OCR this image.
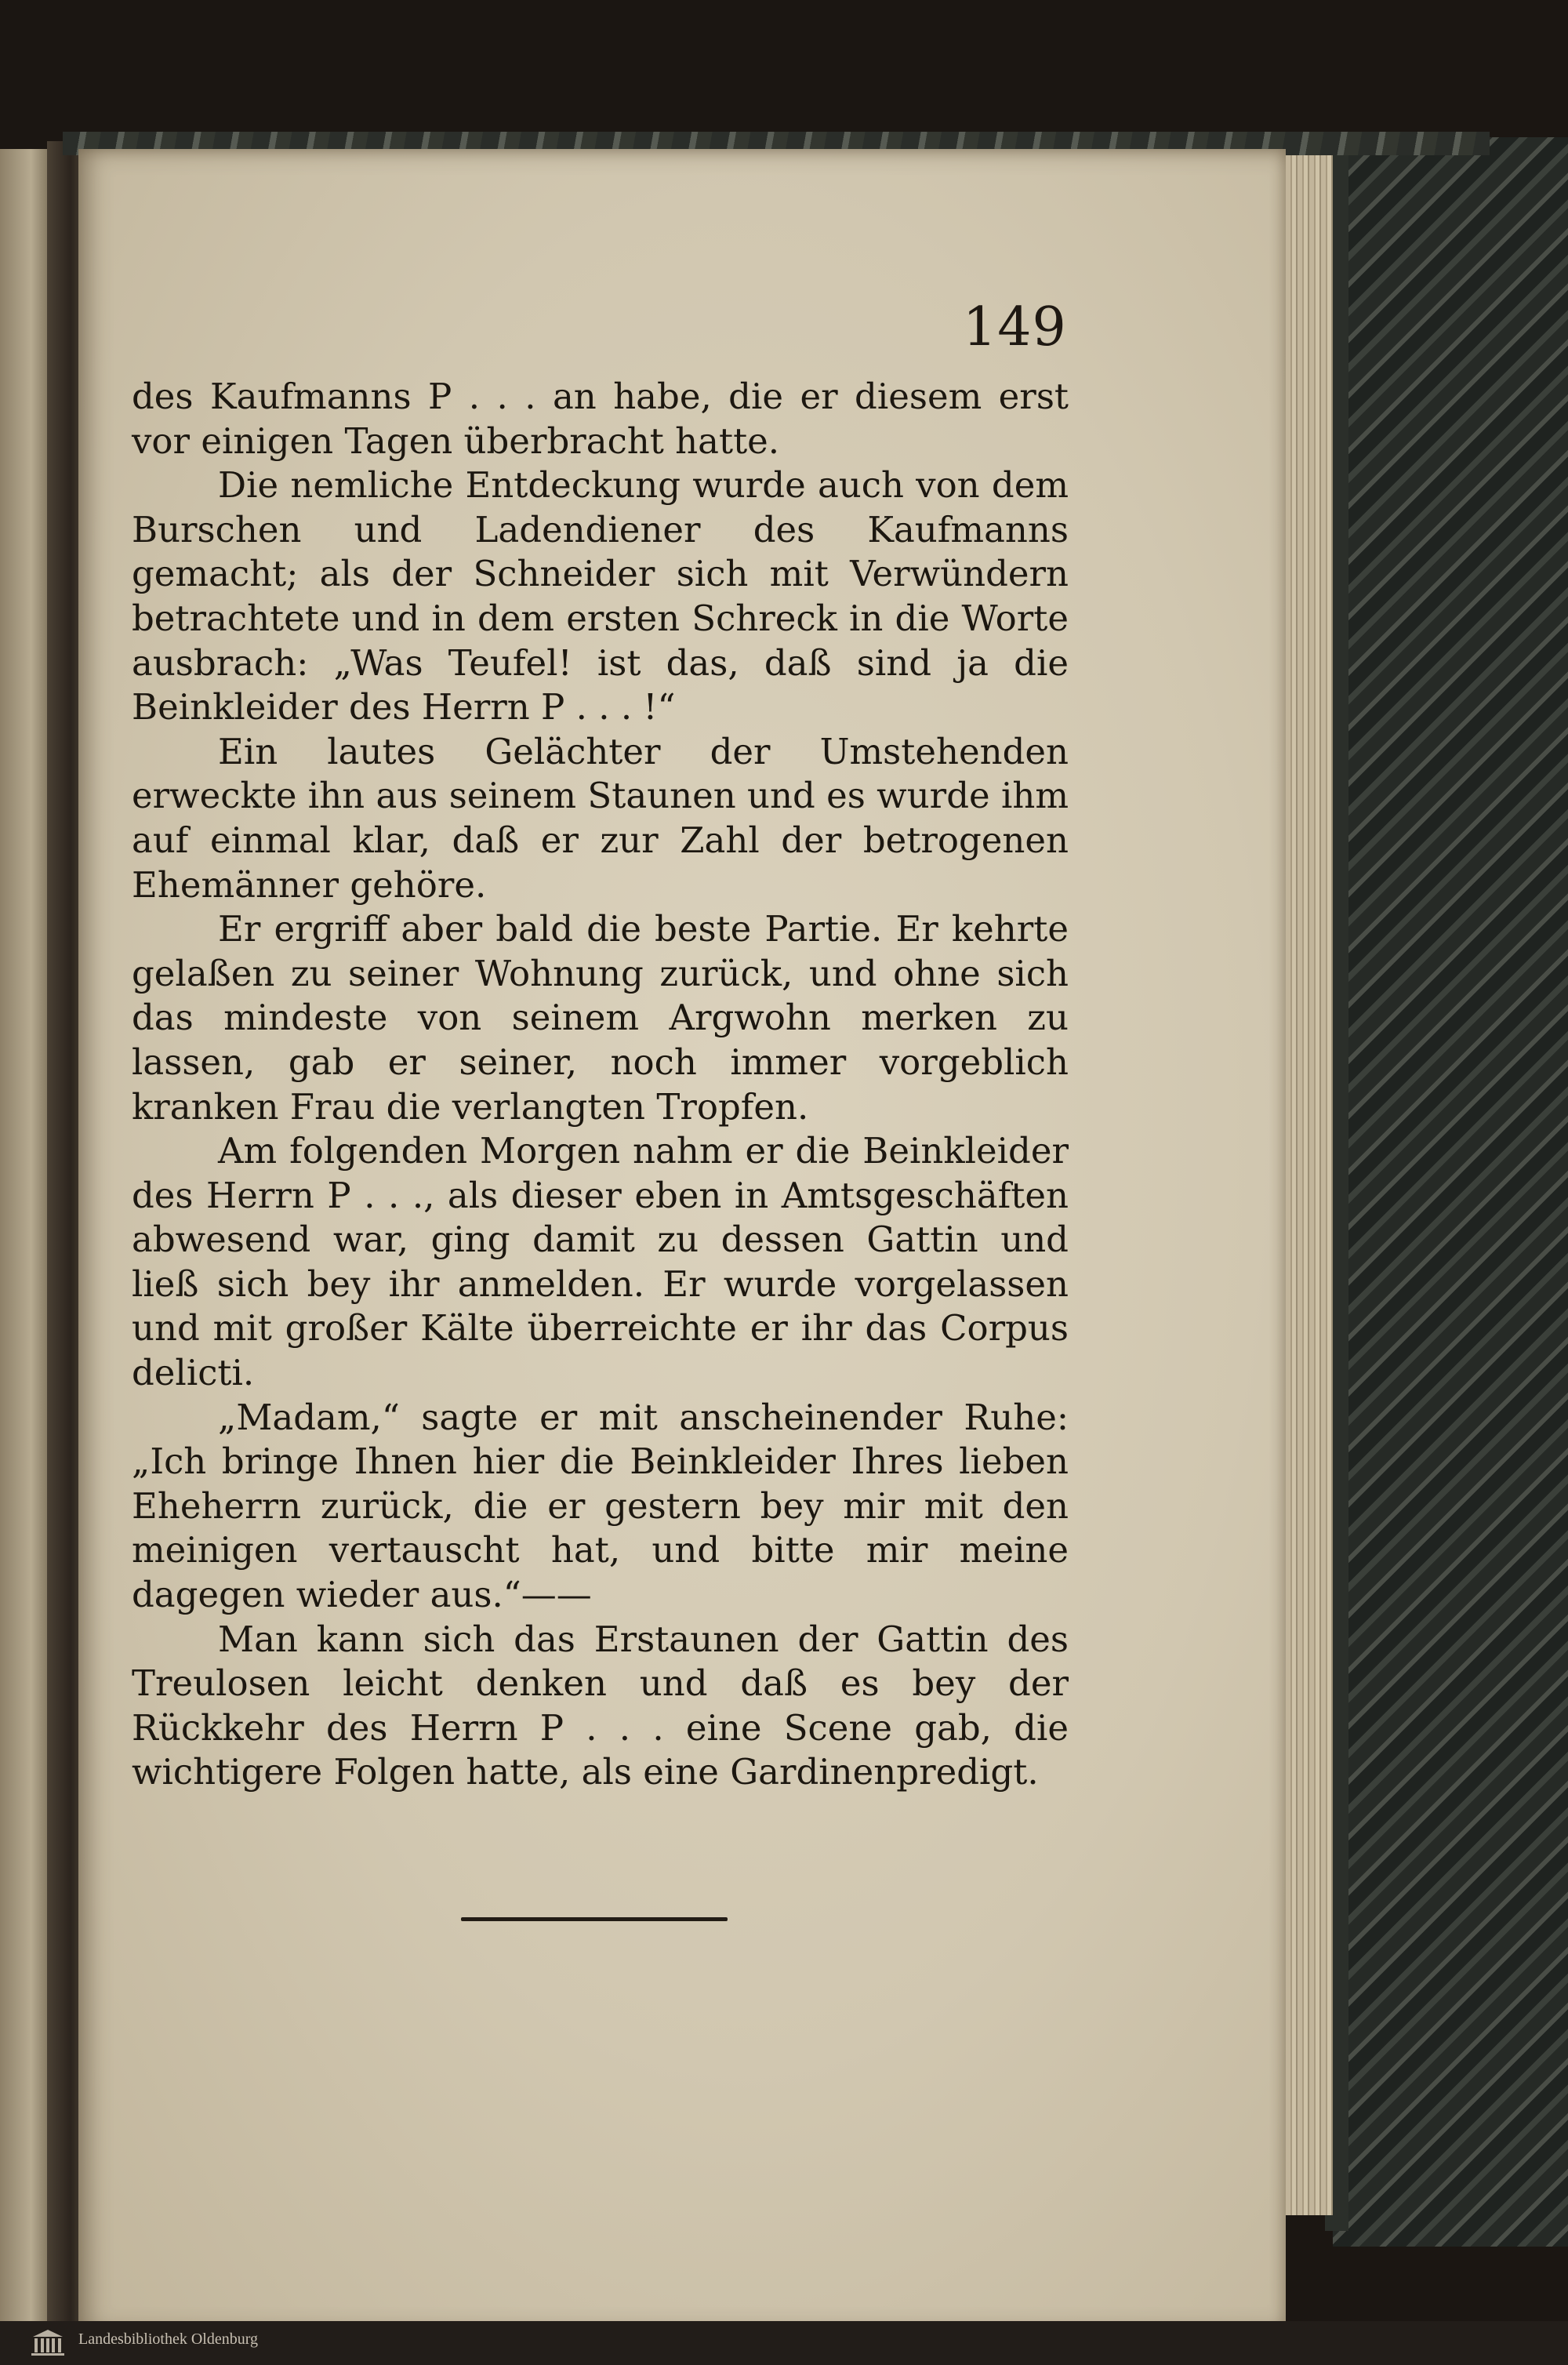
149

des Kaufmanns P . . . an habe, die er diesem erst vor einigen Tagen überbracht hatte.

Die nemliche Entdeckung wurde auch von dem Burschen und Ladendiener des Kaufmanns gemacht; als der Schneider sich mit Verwündern betrachtete und in dem ersten Schreck in die Worte ausbrach: „Was Teufel! ist das, daß sind ja die Beinkleider des Herrn P . . . !“

Ein lautes Gelächter der Umstehenden erweckte ihn aus seinem Staunen und es wurde ihm auf einmal klar, daß er zur Zahl der betrogenen Ehemänner gehöre.

Er ergriff aber bald die beste Partie. Er kehrte gelaßen zu seiner Wohnung zurück, und ohne sich das mindeste von seinem Argwohn merken zu lassen, gab er seiner, noch immer vorgeblich kranken Frau die verlangten Tropfen.

Am folgenden Morgen nahm er die Beinkleider des Herrn P . . ., als dieser eben in Amtsgeschäften abwesend war, ging damit zu dessen Gattin und ließ sich bey ihr anmelden. Er wurde vorgelassen und mit großer Kälte überreichte er ihr das Corpus delicti.

„Madam,“ sagte er mit anscheinender Ruhe: „Ich bringe Ihnen hier die Beinkleider Ihres lieben Eheherrn zurück, die er gestern bey mir mit den meinigen vertauscht hat, und bitte mir meine dagegen wieder aus.“——

Man kann sich das Erstaunen der Gattin des Treulosen leicht denken und daß es bey der Rückkehr des Herrn P . . . eine Scene gab, die wichtigere Folgen hatte, als eine Gardinenpredigt.

Landesbibliothek Oldenburg
